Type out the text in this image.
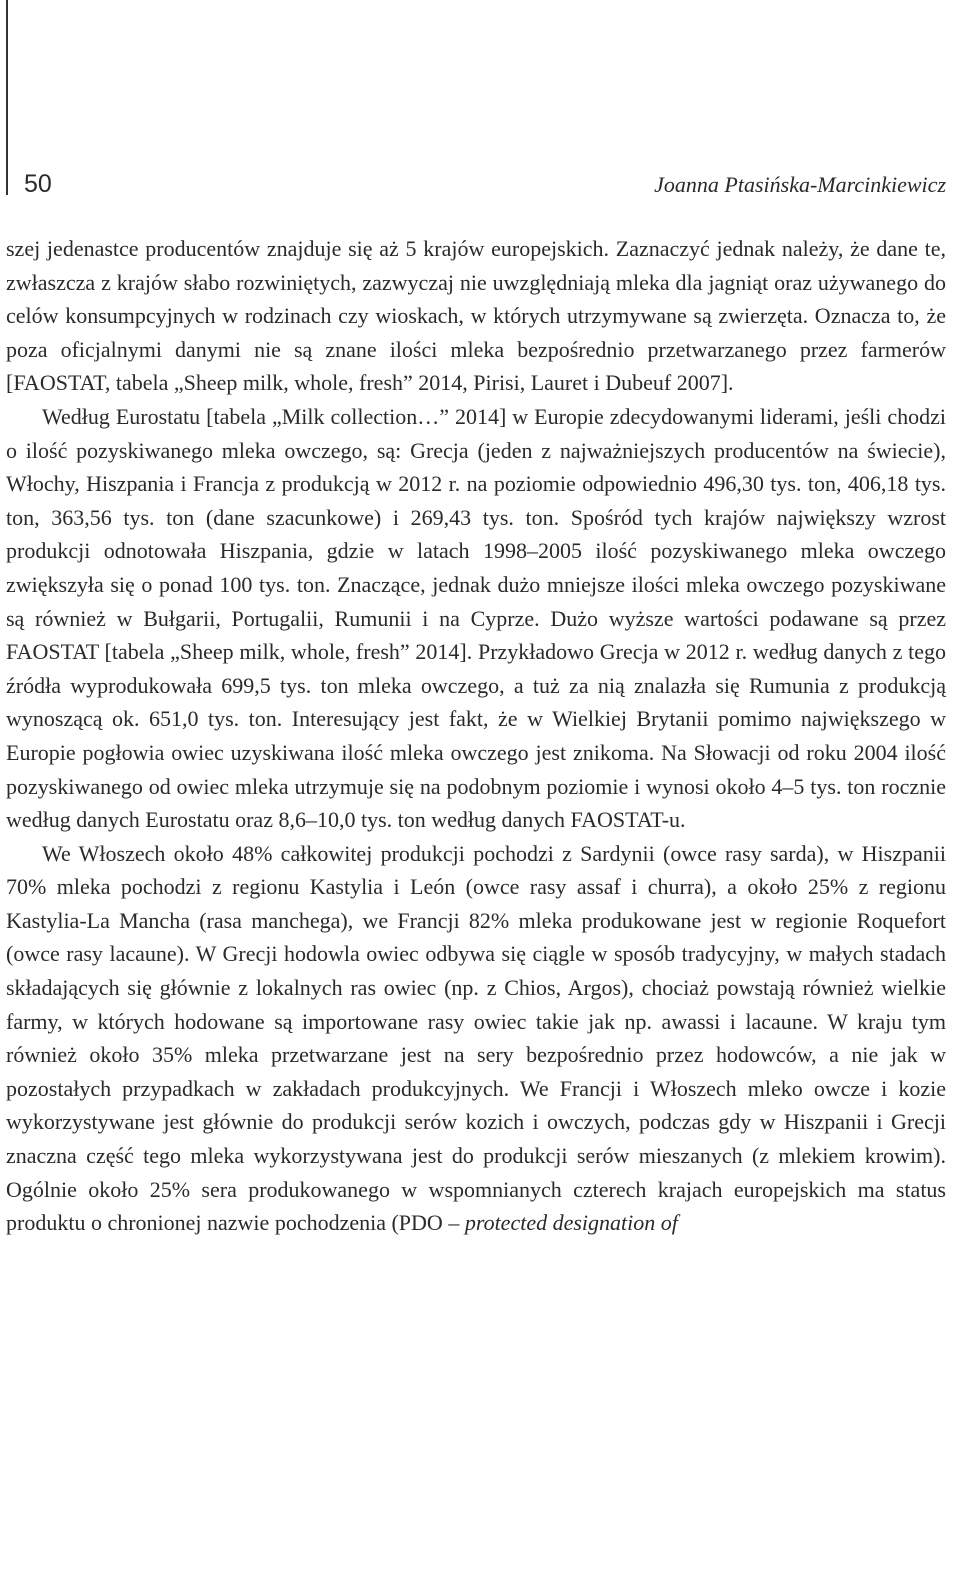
50	Joanna Ptasińska-Marcinkiewicz

szej jedenastce producentów znajduje się aż 5 krajów europejskich. Zaznaczyć jednak należy, że dane te, zwłaszcza z krajów słabo rozwiniętych, zazwyczaj nie uwzględniają mleka dla jagniąt oraz używanego do celów konsumpcyjnych w rodzinach czy wioskach, w których utrzymywane są zwierzęta. Oznacza to, że poza oficjalnymi danymi nie są znane ilości mleka bezpośrednio przetwarzanego przez farmerów [FAOSTAT, tabela „Sheep milk, whole, fresh” 2014, Pirisi, Lauret i Dubeuf 2007].

Według Eurostatu [tabela „Milk collection…” 2014] w Europie zdecydowanymi liderami, jeśli chodzi o ilość pozyskiwanego mleka owczego, są: Grecja (jeden z najważniejszych producentów na świecie), Włochy, Hiszpania i Francja z produkcją w 2012 r. na poziomie odpowiednio 496,30 tys. ton, 406,18 tys. ton, 363,56 tys. ton (dane szacunkowe) i 269,43 tys. ton. Spośród tych krajów największy wzrost produkcji odnotowała Hiszpania, gdzie w latach 1998–2005 ilość pozyskiwanego mleka owczego zwiększyła się o ponad 100 tys. ton. Znaczące, jednak dużo mniejsze ilości mleka owczego pozyskiwane są również w Bułgarii, Portugalii, Rumunii i na Cyprze. Dużo wyższe wartości podawane są przez FAOSTAT [tabela „Sheep milk, whole, fresh” 2014]. Przykładowo Grecja w 2012 r. według danych z tego źródła wyprodukowała 699,5 tys. ton mleka owczego, a tuż za nią znalazła się Rumunia z produkcją wynoszącą ok. 651,0 tys. ton. Interesujący jest fakt, że w Wielkiej Brytanii pomimo największego w Europie pogłowia owiec uzyskiwana ilość mleka owczego jest znikoma. Na Słowacji od roku 2004 ilość pozyskiwanego od owiec mleka utrzymuje się na podobnym poziomie i wynosi około 4–5 tys. ton rocznie według danych Eurostatu oraz 8,6–10,0 tys. ton według danych FAOSTAT-u.

We Włoszech około 48% całkowitej produkcji pochodzi z Sardynii (owce rasy sarda), w Hiszpanii 70% mleka pochodzi z regionu Kastylia i León (owce rasy assaf i churra), a około 25% z regionu Kastylia-La Mancha (rasa manchega), we Francji 82% mleka produkowane jest w regionie Roquefort (owce rasy lacaune). W Grecji hodowla owiec odbywa się ciągle w sposób tradycyjny, w małych stadach składających się głównie z lokalnych ras owiec (np. z Chios, Argos), chociaż powstają również wielkie farmy, w których hodowane są importowane rasy owiec takie jak np. awassi i lacaune. W kraju tym również około 35% mleka przetwarzane jest na sery bezpośrednio przez hodowców, a nie jak w pozostałych przypadkach w zakładach produkcyjnych. We Francji i Włoszech mleko owcze i kozie wykorzystywane jest głównie do produkcji serów kozich i owczych, podczas gdy w Hiszpanii i Grecji znaczna część tego mleka wykorzystywana jest do produkcji serów mieszanych (z mlekiem krowim). Ogólnie około 25% sera produkowanego w wspomnianych czterech krajach europejskich ma status produktu o chronionej nazwie pochodzenia (PDO – protected designation of
